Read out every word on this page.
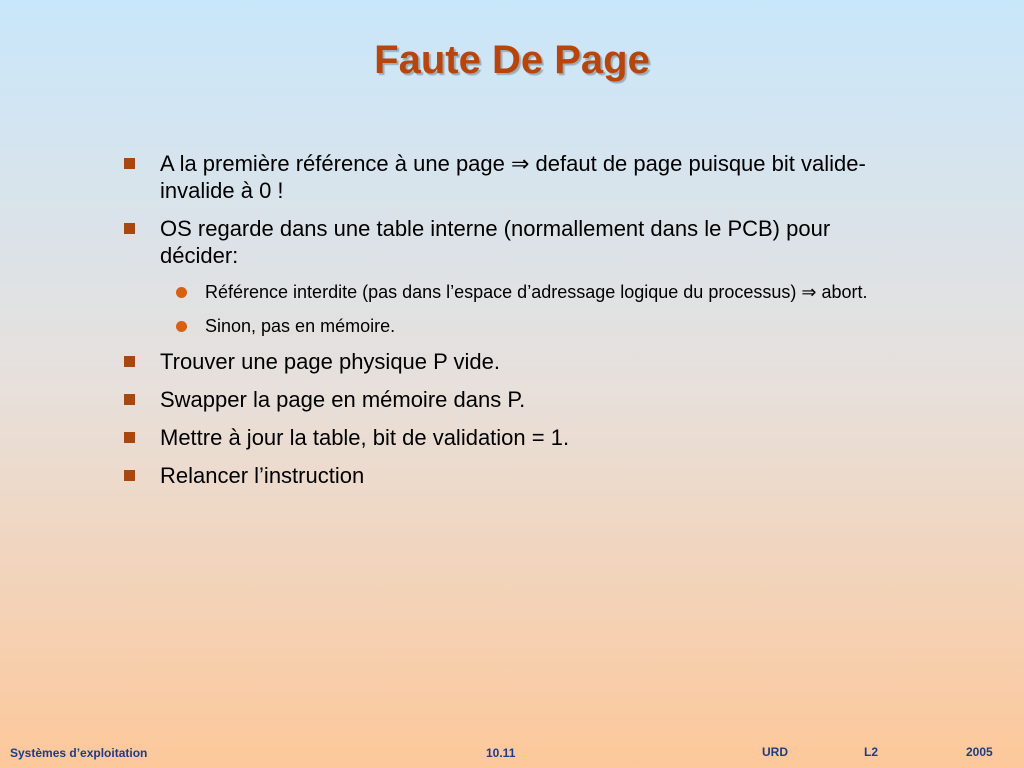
Faute De Page
A la première référence à une page ⇒ defaut de page puisque bit valide-invalide à 0 !
OS regarde dans une table interne (normallement dans le PCB) pour décider:
Référence interdite (pas dans l’espace d’adressage logique du processus) ⇒ abort.
Sinon, pas en mémoire.
Trouver une page physique P vide.
Swapper la page en mémoire dans P.
Mettre à jour la table, bit de validation = 1.
Relancer l’instruction
Systèmes d’exploitation	10.11	URD	L2	2005
